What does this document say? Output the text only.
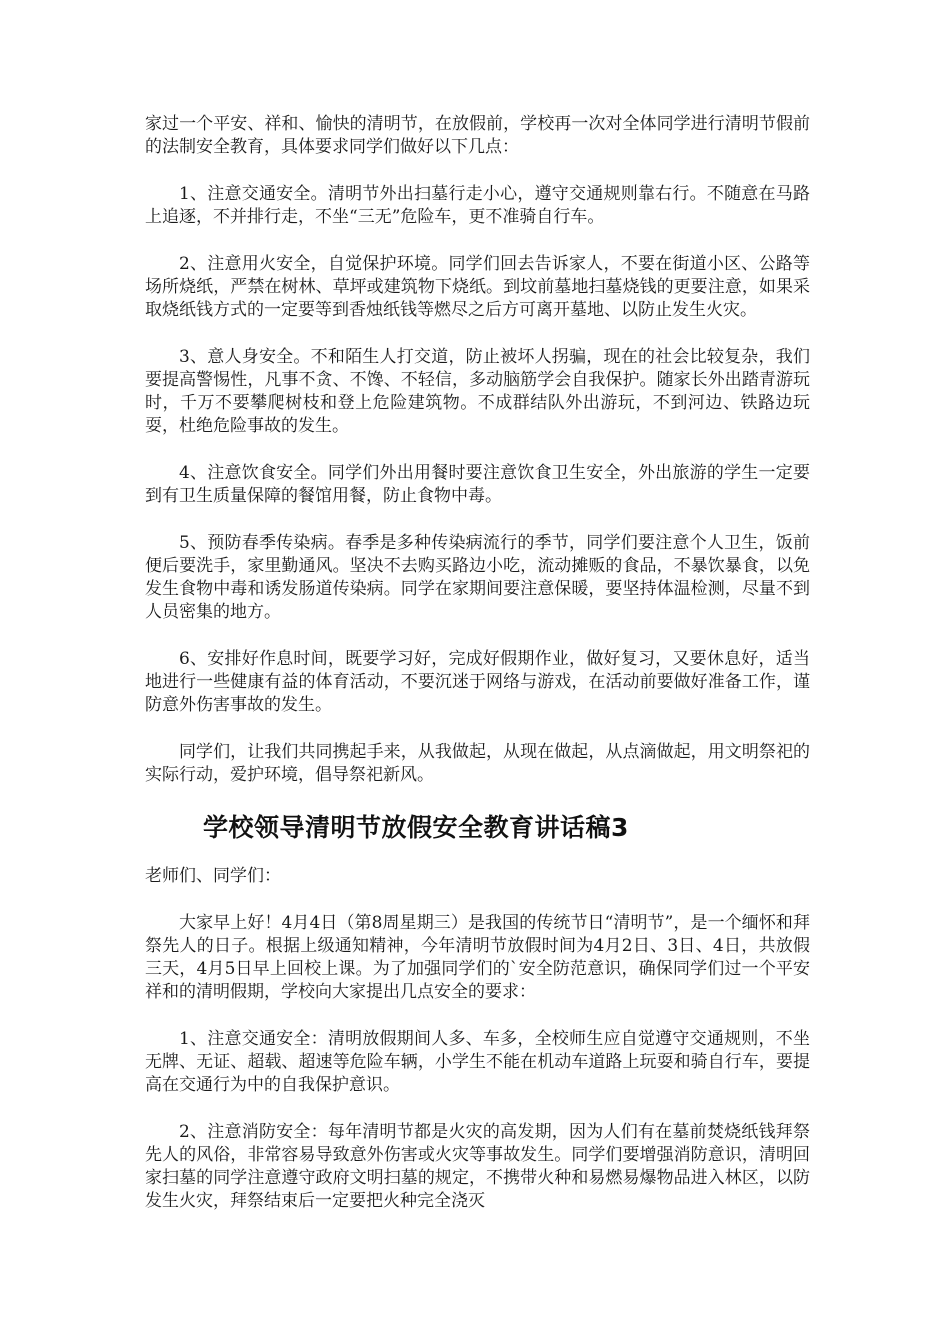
家过一个平安、祥和、愉快的清明节，在放假前，学校再一次对全体同学进行清明节假前的法制安全教育，具体要求同学们做好以下几点：

1、注意交通安全。清明节外出扫墓行走小心，遵守交通规则靠右行。不随意在马路上追逐，不并排行走，不坐“三无”危险车，更不准骑自行车。

2、注意用火安全，自觉保护环境。同学们回去告诉家人，不要在街道小区、公路等场所烧纸，严禁在树林、草坪或建筑物下烧纸。到坟前墓地扫墓烧钱的更要注意，如果采取烧纸钱方式的一定要等到香烛纸钱等燃尽之后方可离开墓地、以防止发生火灾。

3、意人身安全。不和陌生人打交道，防止被坏人拐骗，现在的社会比较复杂，我们要提高警惕性，凡事不贪、不馋、不轻信，多动脑筋学会自我保护。随家长外出踏青游玩时，千万不要攀爬树枝和登上危险建筑物。不成群结队外出游玩，不到河边、铁路边玩耍，杜绝危险事故的发生。

4、注意饮食安全。同学们外出用餐时要注意饮食卫生安全，外出旅游的学生一定要到有卫生质量保障的餐馆用餐，防止食物中毒。

5、预防春季传染病。春季是多种传染病流行的季节，同学们要注意个人卫生，饭前便后要洗手，家里勤通风。坚决不去购买路边小吃，流动摊贩的食品，不暴饮暴食，以免发生食物中毒和诱发肠道传染病。同学在家期间要注意保暖，要坚持体温检测，尽量不到人员密集的地方。

6、安排好作息时间，既要学习好，完成好假期作业，做好复习，又要休息好，适当地进行一些健康有益的体育活动，不要沉迷于网络与游戏，在活动前要做好准备工作，谨防意外伤害事故的发生。

同学们，让我们共同携起手来，从我做起，从现在做起，从点滴做起，用文明祭祀的实际行动，爱护环境，倡导祭祀新风。

学校领导清明节放假安全教育讲话稿3

老师们、同学们：

大家早上好！4月4日（第8周星期三）是我国的传统节日“清明节”，是一个缅怀和拜祭先人的日子。根据上级通知精神，今年清明节放假时间为4月2日、3日、4日，共放假三天，4月5日早上回校上课。为了加强同学们的`安全防范意识，确保同学们过一个平安祥和的清明假期，学校向大家提出几点安全的要求：

1、注意交通安全：清明放假期间人多、车多，全校师生应自觉遵守交通规则，不坐无牌、无证、超载、超速等危险车辆，小学生不能在机动车道路上玩耍和骑自行车，要提高在交通行为中的自我保护意识。

2、注意消防安全：每年清明节都是火灾的高发期，因为人们有在墓前焚烧纸钱拜祭先人的风俗，非常容易导致意外伤害或火灾等事故发生。同学们要增强消防意识，清明回家扫墓的同学注意遵守政府文明扫墓的规定，不携带火种和易燃易爆物品进入林区，以防发生火灾，拜祭结束后一定要把火种完全浇灭
